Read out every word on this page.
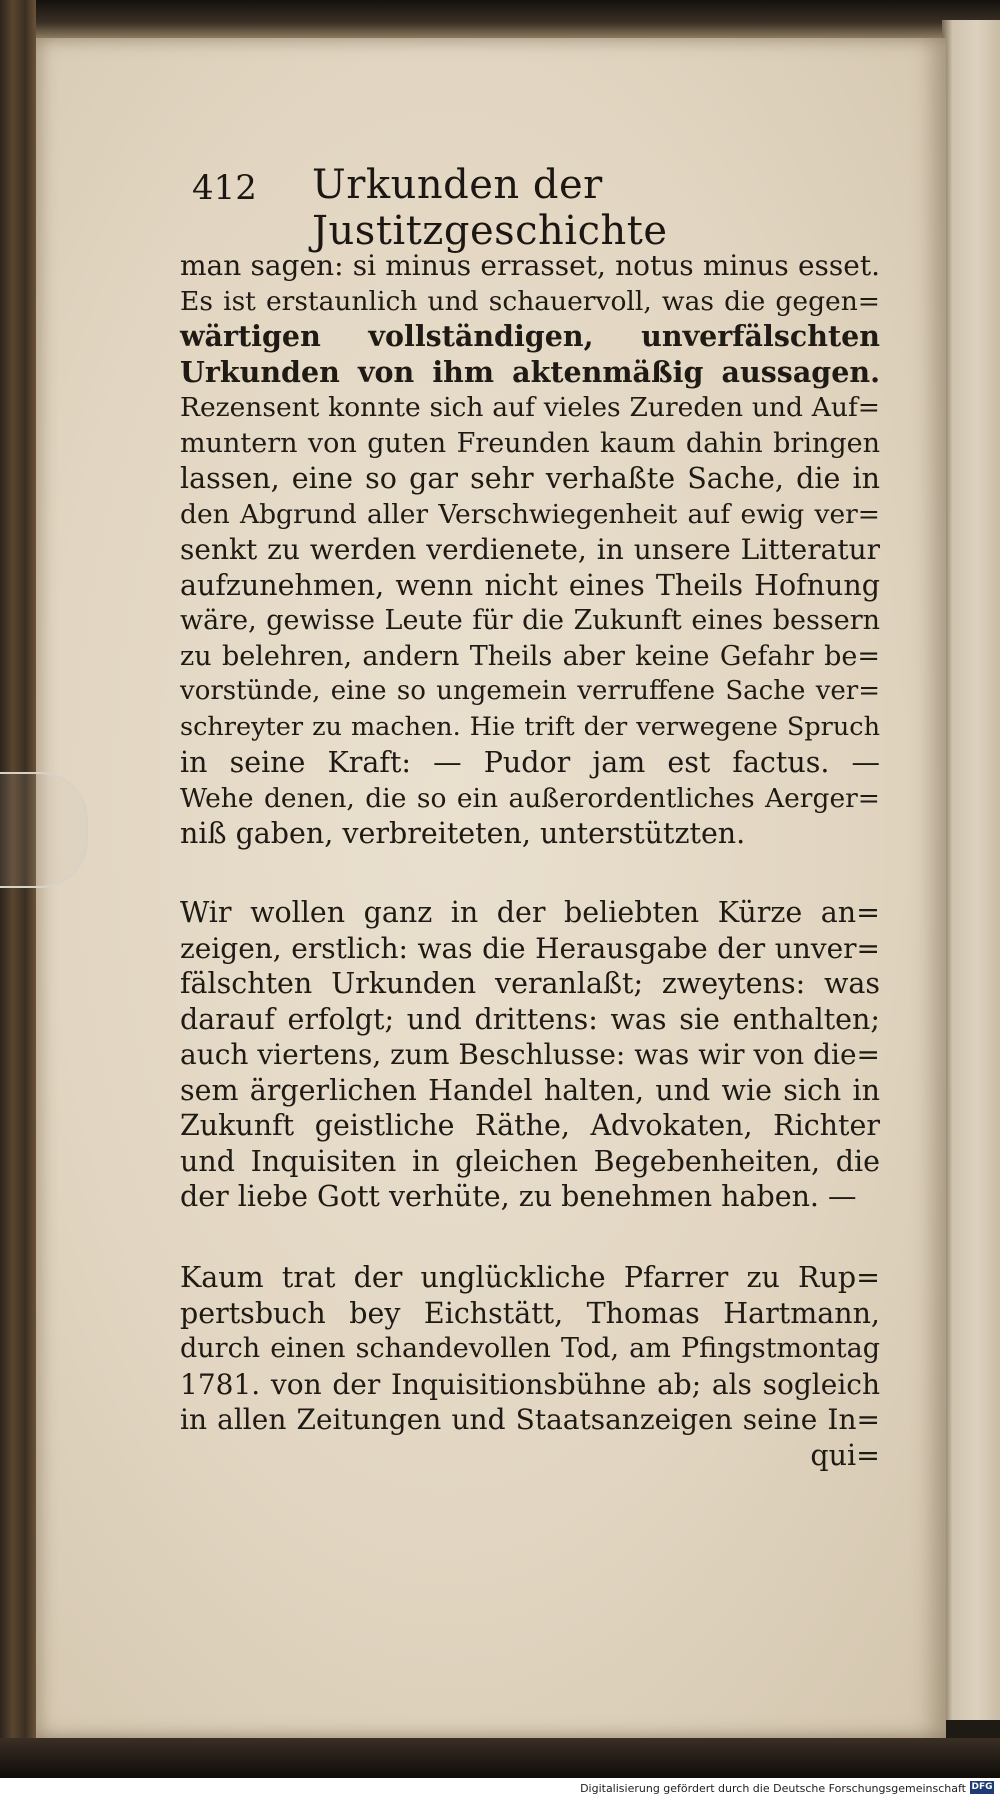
412 Urkunden der Justitzgeschichte
man sagen: si minus errasset, notus minus esset.
Es ist erstaunlich und schauervoll, was die gegen=
wärtigen vollständigen, unverfälschten
Urkunden von ihm aktenmäßig aussagen.
Rezensent konnte sich auf vieles Zureden und Auf=
muntern von guten Freunden kaum dahin bringen
lassen, eine so gar sehr verhaßte Sache, die in
den Abgrund aller Verschwiegenheit auf ewig ver=
senkt zu werden verdienete, in unsere Litteratur
aufzunehmen, wenn nicht eines Theils Hofnung
wäre, gewisse Leute für die Zukunft eines bessern
zu belehren, andern Theils aber keine Gefahr be=
vorstünde, eine so ungemein verruffene Sache ver=
schreyter zu machen. Hie trift der verwegene Spruch
in seine Kraft: — Pudor jam est factus. —
Wehe denen, die so ein außerordentliches Aerger=
niß gaben, verbreiteten, unterstützten.
Wir wollen ganz in der beliebten Kürze an=
zeigen, erstlich: was die Herausgabe der unver=
fälschten Urkunden veranlaßt; zweytens: was
darauf erfolgt; und drittens: was sie enthalten;
auch viertens, zum Beschlusse: was wir von die=
sem ärgerlichen Handel halten, und wie sich in
Zukunft geistliche Räthe, Advokaten, Richter
und Inquisiten in gleichen Begebenheiten, die
der liebe Gott verhüte, zu benehmen haben. —
Kaum trat der unglückliche Pfarrer zu Rup=
pertsbuch bey Eichstätt, Thomas Hartmann,
durch einen schandevollen Tod, am Pfingstmontag
1781. von der Inquisitionsbühne ab; als sogleich
in allen Zeitungen und Staatsanzeigen seine In=
qui=
Digitalisierung gefördert durch die Deutsche Forschungsgemeinschaft DFG
